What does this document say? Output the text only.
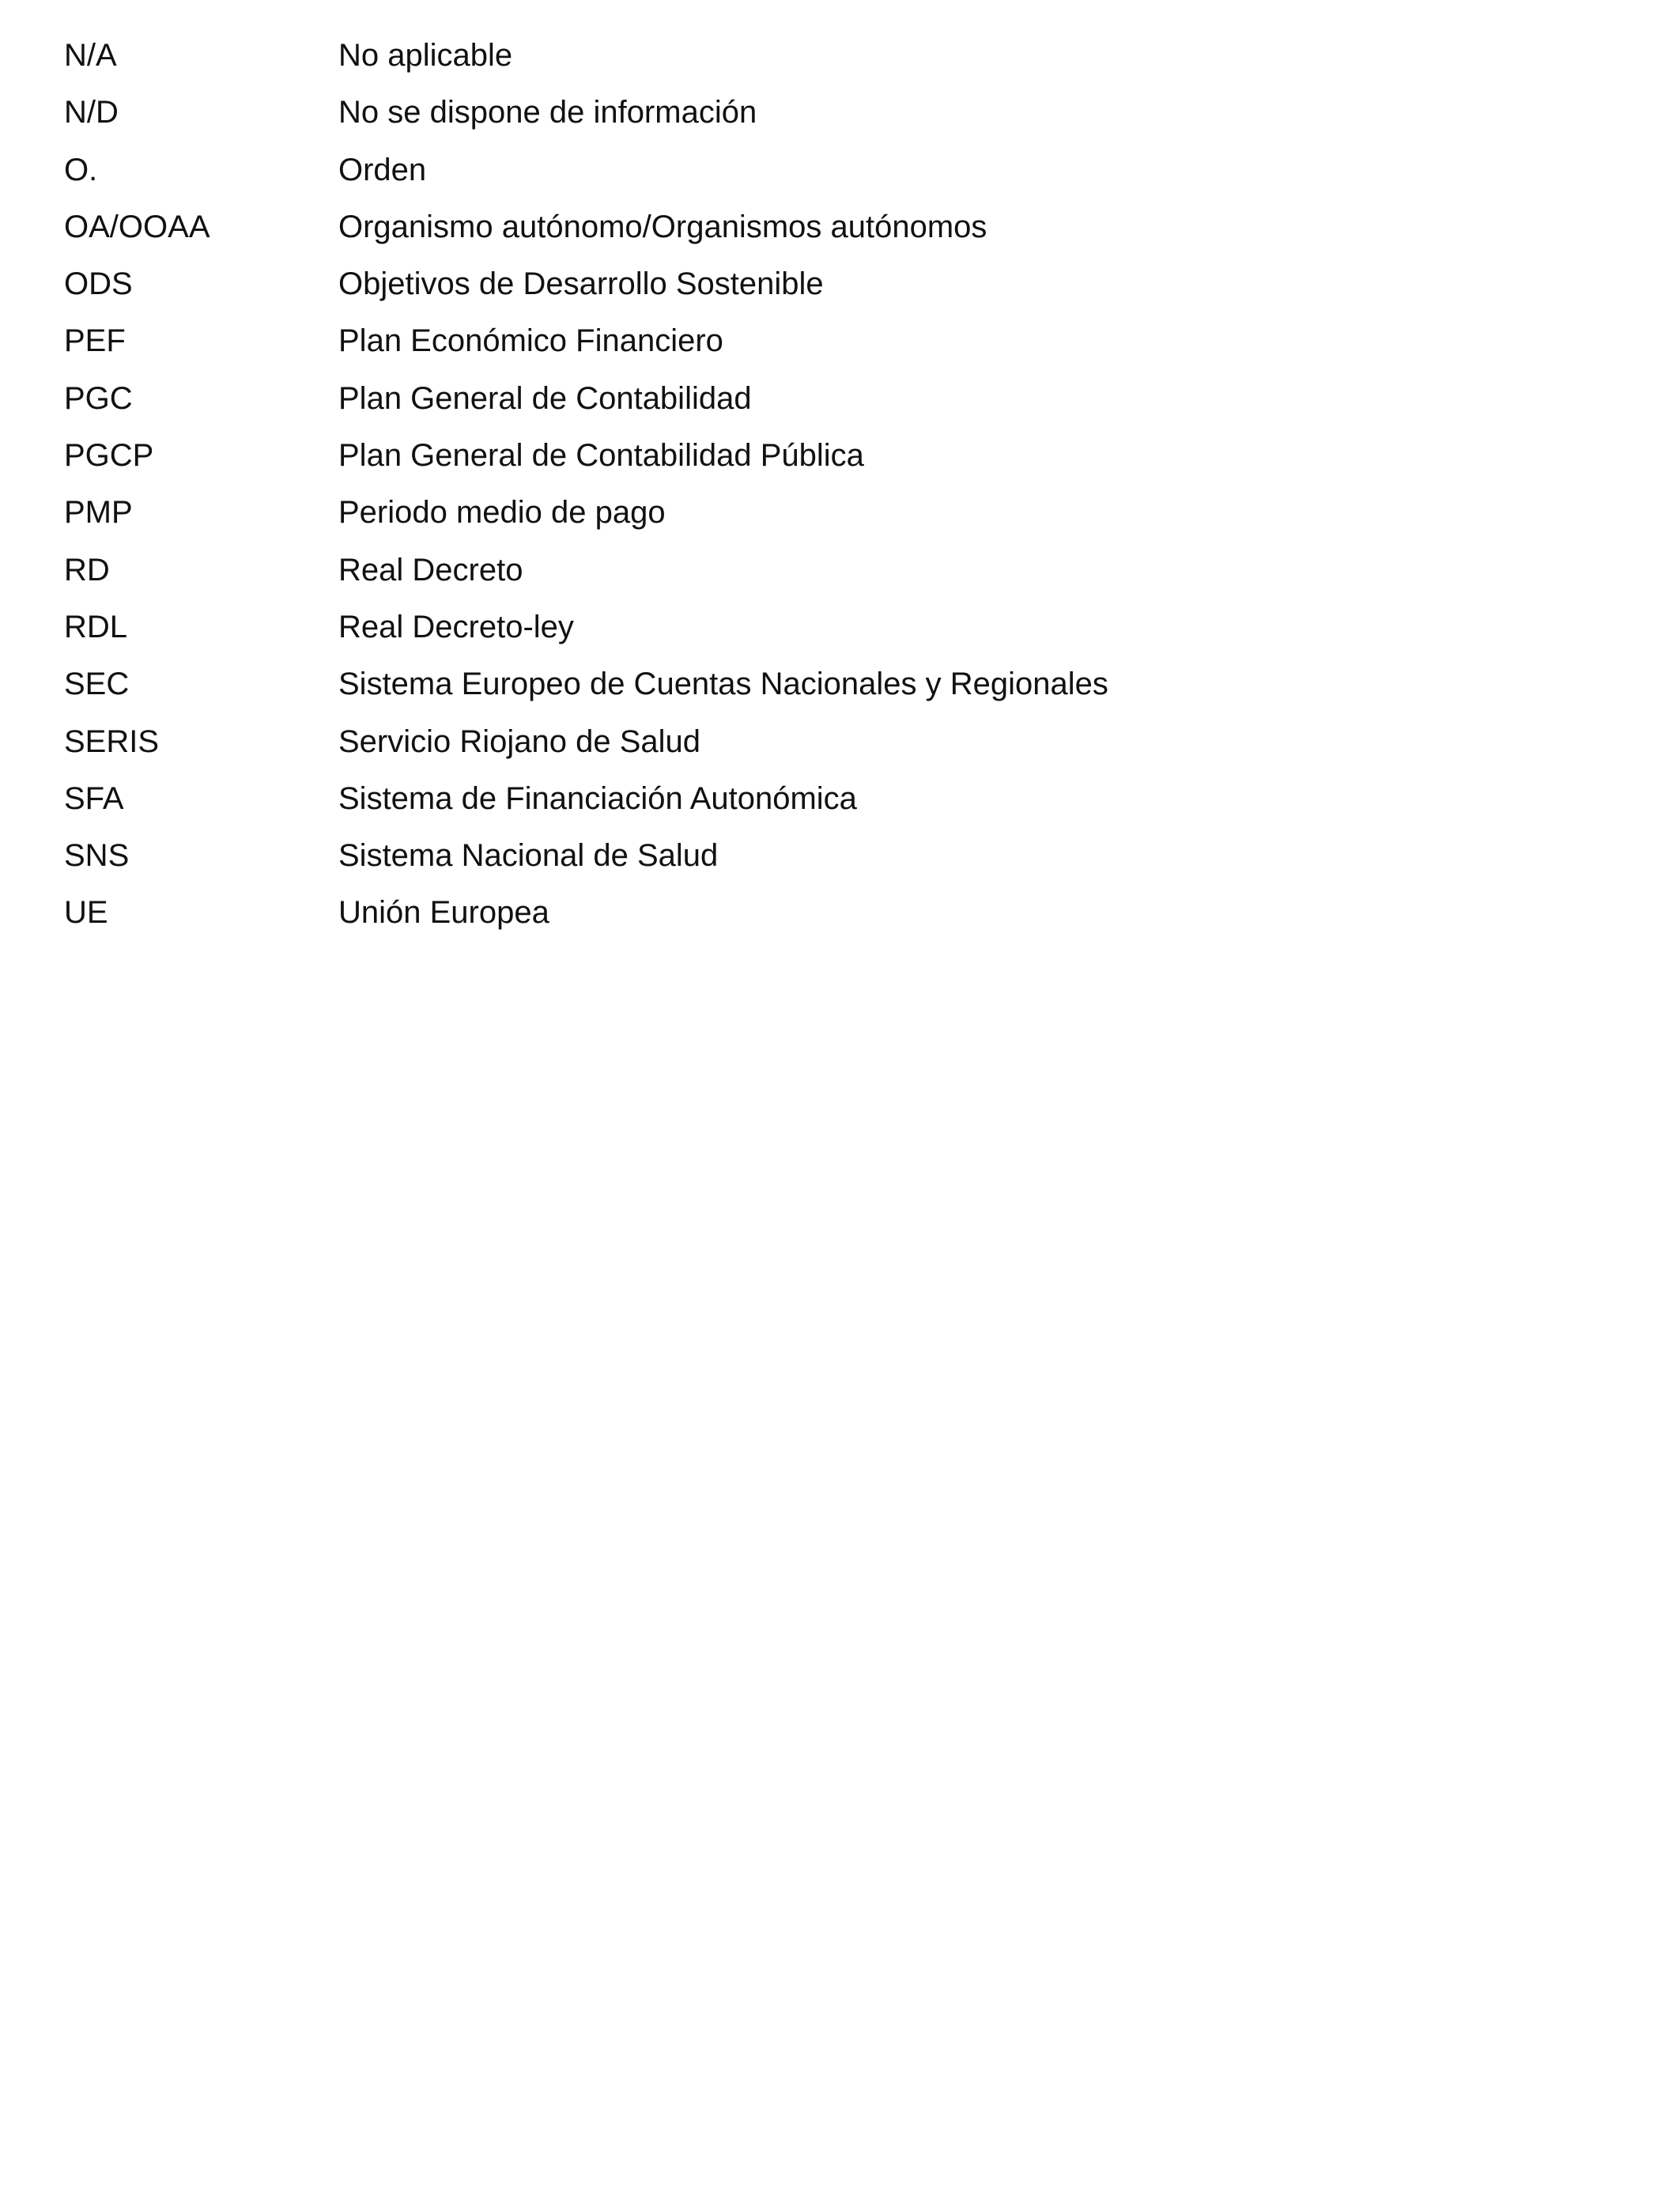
N/A	No aplicable
N/D	No se dispone de información
O.	Orden
OA/OOAA	Organismo autónomo/Organismos autónomos
ODS	Objetivos de Desarrollo Sostenible
PEF	Plan Económico Financiero
PGC	Plan General de Contabilidad
PGCP	Plan General de Contabilidad Pública
PMP	Periodo medio de pago
RD	Real Decreto
RDL	Real Decreto-ley
SEC	Sistema Europeo de Cuentas Nacionales y Regionales
SERIS	Servicio Riojano de Salud
SFA	Sistema de Financiación Autonómica
SNS	Sistema Nacional de Salud
UE	Unión Europea
